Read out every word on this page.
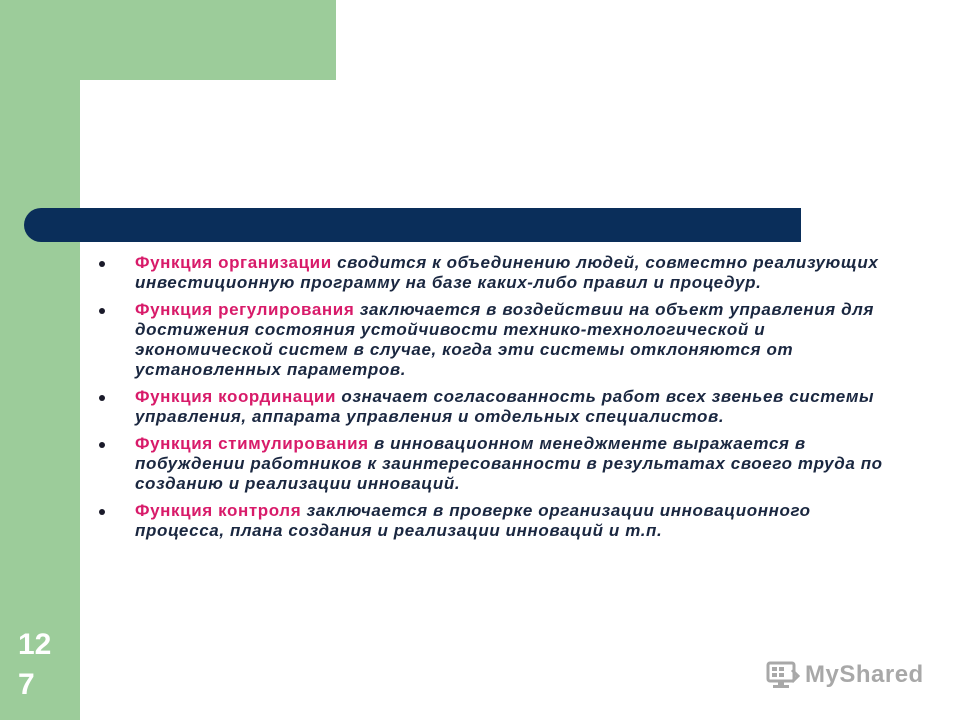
Функция организации сводится к объединению людей, совместно реализующих инвестиционную программу на базе каких-либо правил и процедур.
Функция регулирования заключается в воздействии на объект управления для достижения состояния устойчивости технико-технологической и экономической систем в случае, когда эти системы отклоняются от установленных параметров.
Функция координации означает согласованность работ всех звеньев системы управления, аппарата управления и отдельных специалистов.
Функция стимулирования в инновационном менеджменте выражается в побуждении работников к заинтересованности в результатах своего труда по созданию и реализации инноваций.
Функция контроля заключается в проверке организации инновационного процесса, плана создания и реализации инноваций и т.п.
127	MyShared
